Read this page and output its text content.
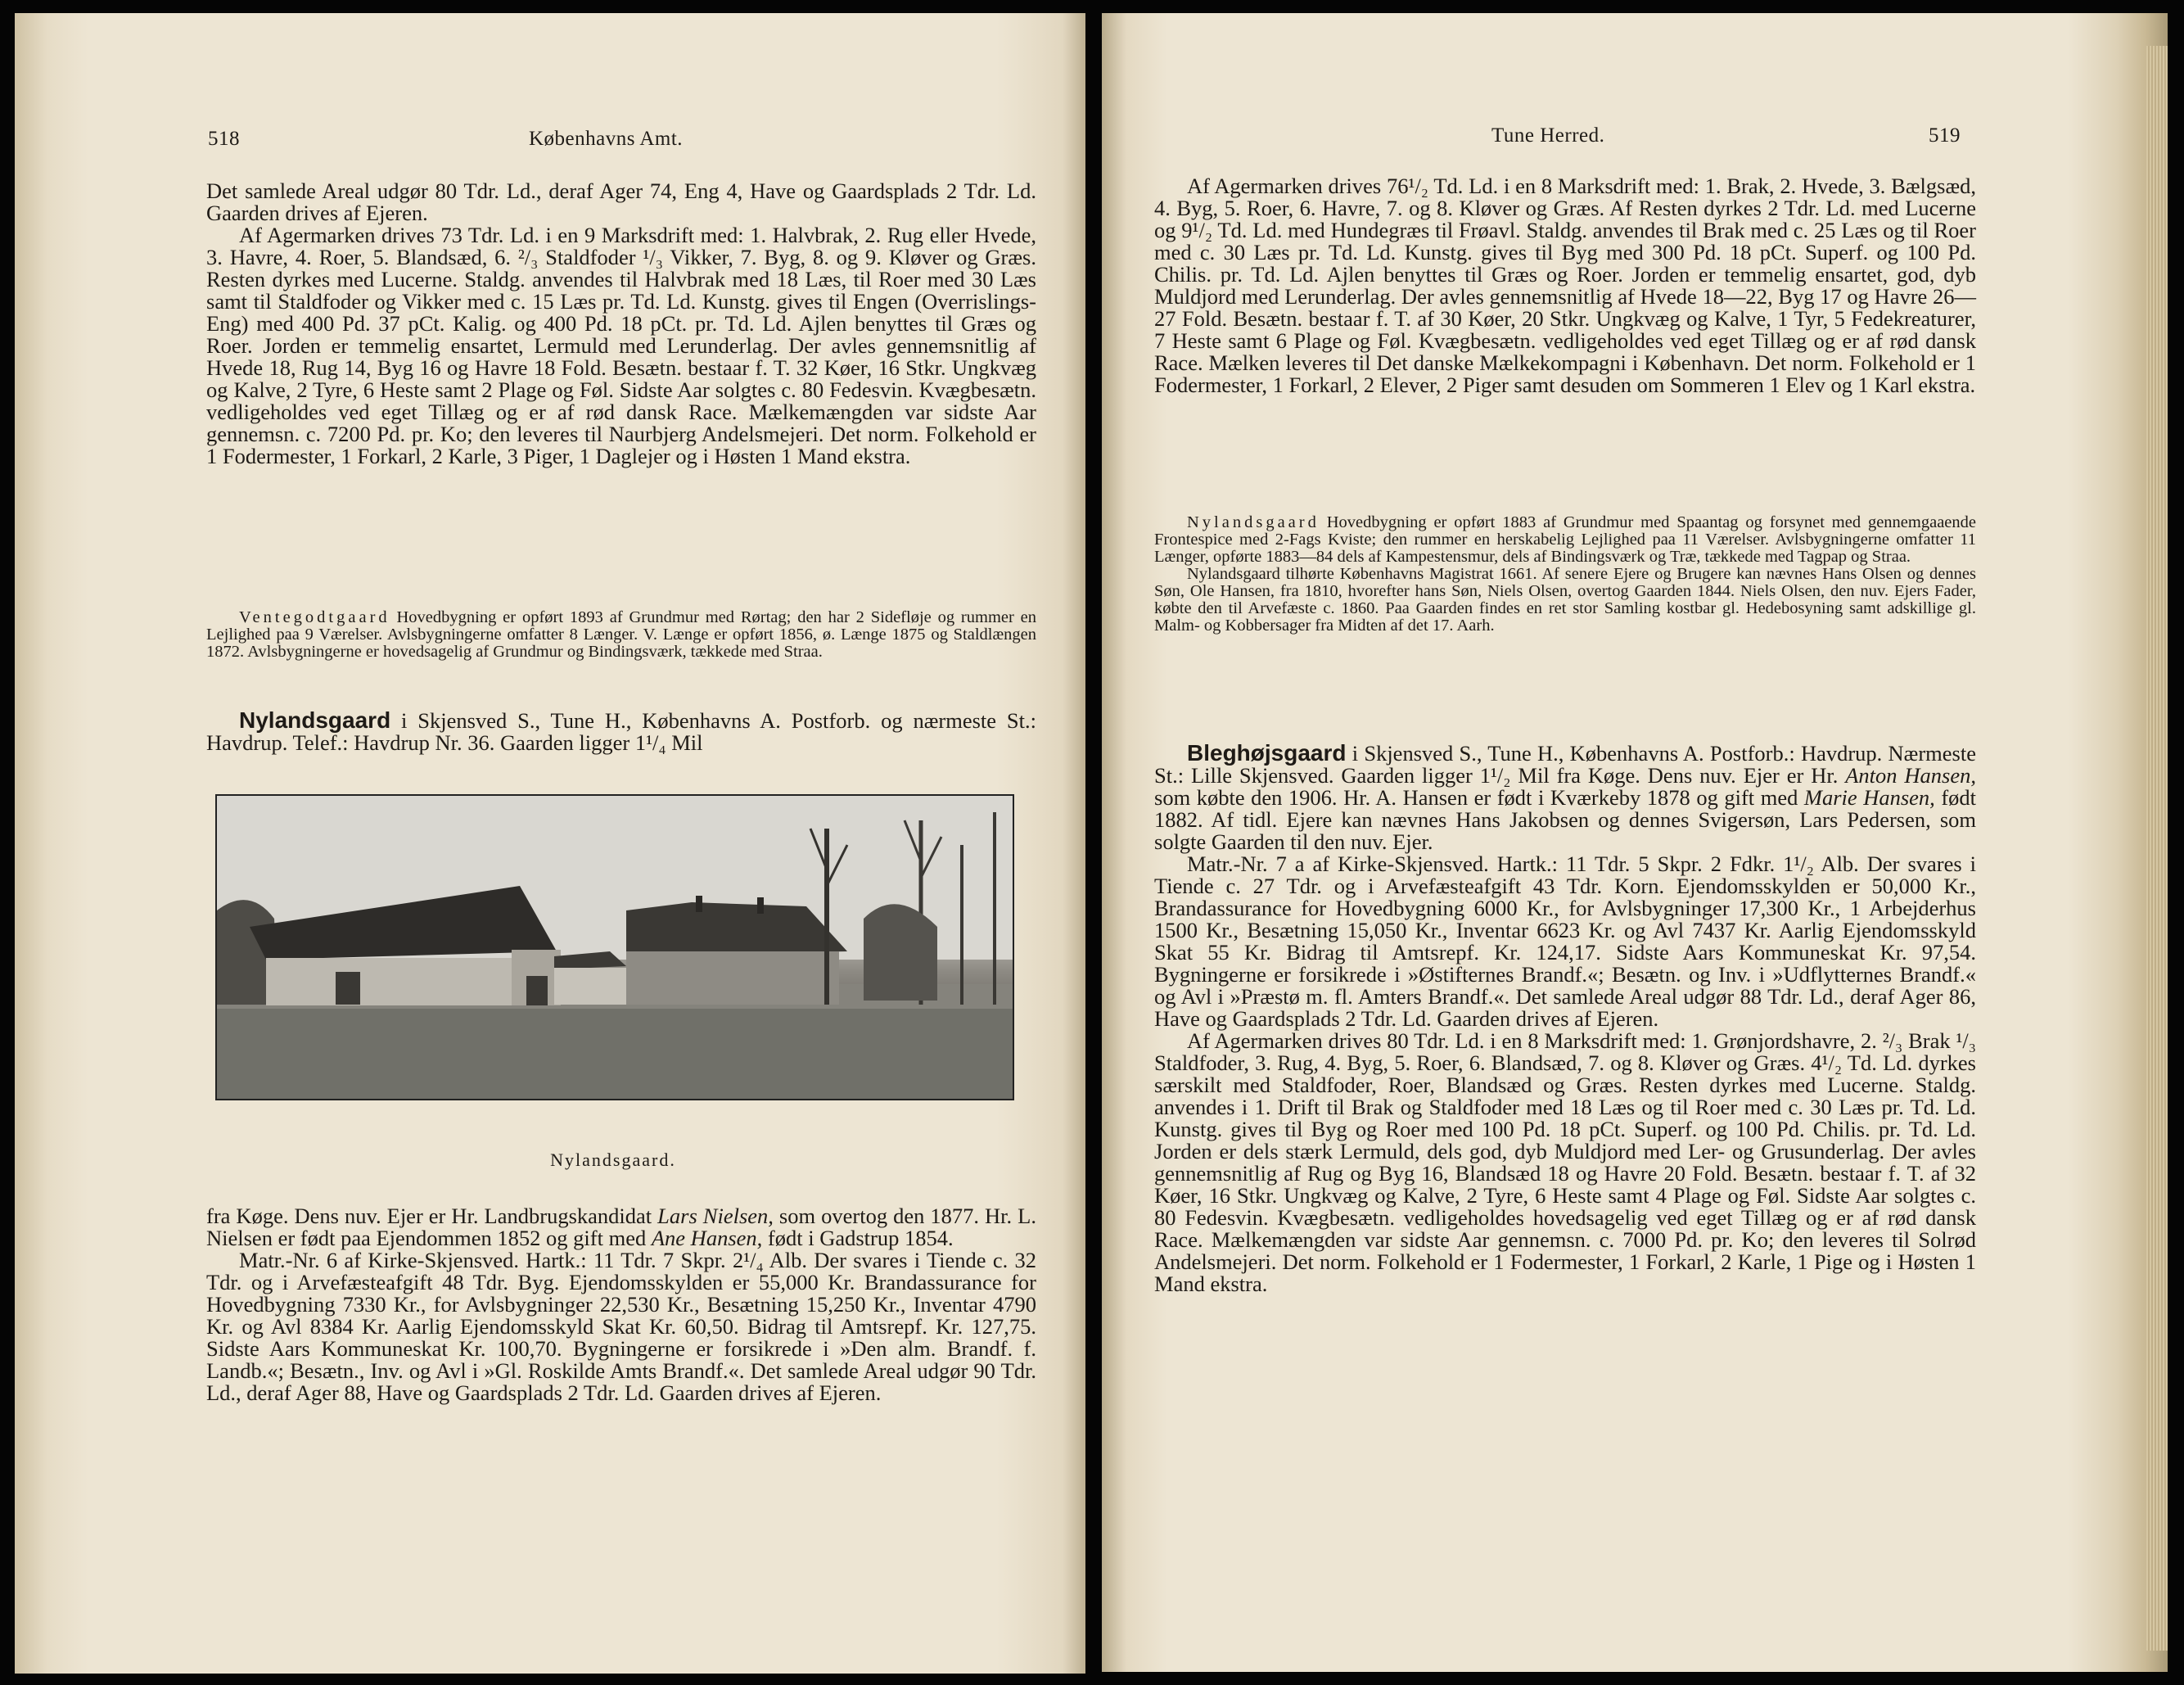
518	Københavns Amt.

Det samlede Areal udgør 80 Tdr. Ld., deraf Ager 74, Eng 4, Have og Gaardsplads 2 Tdr. Ld. Gaarden drives af Ejeren.

Af Agermarken drives 73 Tdr. Ld. i en 9 Marksdrift med: 1. Halvbrak, 2. Rug eller Hvede, 3. Havre, 4. Roer, 5. Blandsæd, 6. ²/₃ Staldfoder ¹/₃ Vikker, 7. Byg, 8. og 9. Kløver og Græs. Resten dyrkes med Lucerne. Staldg. anvendes til Halvbrak med 18 Læs, til Roer med 30 Læs samt til Staldfoder og Vikker med c. 15 Læs pr. Td. Ld. Kunstg. gives til Engen (Overrislings-Eng) med 400 Pd. 37 pCt. Kalig. og 400 Pd. 18 pCt. pr. Td. Ld. Ajlen benyttes til Græs og Roer. Jorden er temmelig ensartet, Lermuld med Lerunderlag. Der avles gennemsnitlig af Hvede 18, Rug 14, Byg 16 og Havre 18 Fold. Besætn. bestaar f. T. 32 Køer, 16 Stkr. Ungkvæg og Kalve, 2 Tyre, 6 Heste samt 2 Plage og Føl. Sidste Aar solgtes c. 80 Fedesvin. Kvægbesætn. vedligeholdes ved eget Tillæg og er af rød dansk Race. Mælkemængden var sidste Aar gennemsn. c. 7200 Pd. pr. Ko; den leveres til Naurbjerg Andelsmejeri. Det norm. Folkehold er 1 Fodermester, 1 Forkarl, 2 Karle, 3 Piger, 1 Daglejer og i Høsten 1 Mand ekstra.

Ventegodtgaard Hovedbygning er opført 1893 af Grundmur med Rørtag; den har 2 Sidefløje og rummer en Lejlighed paa 9 Værelser. Avlsbygningerne omfatter 8 Længer. V. Længe er opført 1856, ø. Længe 1875 og Staldlængen 1872. Avlsbygningerne er hovedsagelig af Grundmur og Bindingsværk, tækkede med Straa.

Nylandsgaard i Skjensved S., Tune H., Københavns A. Postforb. og nærmeste St.: Havdrup. Telef.: Havdrup Nr. 36. Gaarden ligger 1¹/₄ Mil

Nylandsgaard.

fra Køge. Dens nuv. Ejer er Hr. Landbrugskandidat Lars Nielsen, som overtog den 1877. Hr. L. Nielsen er født paa Ejendommen 1852 og gift med Ane Hansen, født i Gadstrup 1854.

Matr.-Nr. 6 af Kirke-Skjensved. Hartk.: 11 Tdr. 7 Skpr. 2¹/₄ Alb. Der svares i Tiende c. 32 Tdr. og i Arvefæsteafgift 48 Tdr. Byg. Ejendomsskylden er 55,000 Kr. Brandassurance for Hovedbygning 7330 Kr., for Avlsbygninger 22,530 Kr., Besætning 15,250 Kr., Inventar 4790 Kr. og Avl 8384 Kr. Aarlig Ejendomsskyld Skat Kr. 60,50. Bidrag til Amtsrepf. Kr. 127,75. Sidste Aars Kommuneskat Kr. 100,70. Bygningerne er forsikrede i »Den alm. Brandf. f. Landb.«; Besætn., Inv. og Avl i »Gl. Roskilde Amts Brandf.«. Det samlede Areal udgør 90 Tdr. Ld., deraf Ager 88, Have og Gaardsplads 2 Tdr. Ld. Gaarden drives af Ejeren.

Tune Herred.	519

Af Agermarken drives 76¹/₂ Td. Ld. i en 8 Marksdrift med: 1. Brak, 2. Hvede, 3. Bælgsæd, 4. Byg, 5. Roer, 6. Havre, 7. og 8. Kløver og Græs. Af Resten dyrkes 2 Tdr. Ld. med Lucerne og 9¹/₂ Td. Ld. med Hundegræs til Frøavl. Staldg. anvendes til Brak med c. 25 Læs og til Roer med c. 30 Læs pr. Td. Ld. Kunstg. gives til Byg med 300 Pd. 18 pCt. Superf. og 100 Pd. Chilis. pr. Td. Ld. Ajlen benyttes til Græs og Roer. Jorden er temmelig ensartet, god, dyb Muldjord med Lerunderlag. Der avles gennemsnitlig af Hvede 18—22, Byg 17 og Havre 26—27 Fold. Besætn. bestaar f. T. af 30 Køer, 20 Stkr. Ungkvæg og Kalve, 1 Tyr, 5 Fedekreaturer, 7 Heste samt 6 Plage og Føl. Kvægbesætn. vedligeholdes ved eget Tillæg og er af rød dansk Race. Mælken leveres til Det danske Mælkekompagni i København. Det norm. Folkehold er 1 Fodermester, 1 Forkarl, 2 Elever, 2 Piger samt desuden om Sommeren 1 Elev og 1 Karl ekstra.

Nylandsgaard Hovedbygning er opført 1883 af Grundmur med Spaantag og forsynet med gennemgaaende Frontespice med 2-Fags Kviste; den rummer en herskabelig Lejlighed paa 11 Værelser. Avlsbygningerne omfatter 11 Længer, opførte 1883—84 dels af Kampestensmur, dels af Bindingsværk og Træ, tækkede med Tagpap og Straa.

Nylandsgaard tilhørte Københavns Magistrat 1661. Af senere Ejere og Brugere kan nævnes Hans Olsen og dennes Søn, Ole Hansen, fra 1810, hvorefter hans Søn, Niels Olsen, overtog Gaarden 1844. Niels Olsen, den nuv. Ejers Fader, købte den til Arvefæste c. 1860. Paa Gaarden findes en ret stor Samling kostbar gl. Hedebosyning samt adskillige gl. Malm- og Kobbersager fra Midten af det 17. Aarh.

Bleghøjsgaard i Skjensved S., Tune H., Københavns A. Postforb.: Havdrup. Nærmeste St.: Lille Skjensved. Gaarden ligger 1¹/₂ Mil fra Køge. Dens nuv. Ejer er Hr. Anton Hansen, som købte den 1906. Hr. A. Hansen er født i Kværkeby 1878 og gift med Marie Hansen, født 1882. Af tidl. Ejere kan nævnes Hans Jakobsen og dennes Svigersøn, Lars Pedersen, som solgte Gaarden til den nuv. Ejer.

Matr.-Nr. 7 a af Kirke-Skjensved. Hartk.: 11 Tdr. 5 Skpr. 2 Fdkr. 1¹/₂ Alb. Der svares i Tiende c. 27 Tdr. og i Arvefæsteafgift 43 Tdr. Korn. Ejendomsskylden er 50,000 Kr., Brandassurance for Hovedbygning 6000 Kr., for Avlsbygninger 17,300 Kr., 1 Arbejderhus 1500 Kr., Besætning 15,050 Kr., Inventar 6623 Kr. og Avl 7437 Kr. Aarlig Ejendomsskyld Skat 55 Kr. Bidrag til Amtsrepf. Kr. 124,17. Sidste Aars Kommuneskat Kr. 97,54. Bygningerne er forsikrede i »Østifternes Brandf.«; Besætn. og Inv. i »Udflytternes Brandf.« og Avl i »Præstø m. fl. Amters Brandf.«. Det samlede Areal udgør 88 Tdr. Ld., deraf Ager 86, Have og Gaardsplads 2 Tdr. Ld. Gaarden drives af Ejeren.

Af Agermarken drives 80 Tdr. Ld. i en 8 Marksdrift med: 1. Grønjordshavre, 2. ²/₃ Brak ¹/₃ Staldfoder, 3. Rug, 4. Byg, 5. Roer, 6. Blandsæd, 7. og 8. Kløver og Græs. 4¹/₂ Td. Ld. dyrkes særskilt med Staldfoder, Roer, Blandsæd og Græs. Resten dyrkes med Lucerne. Staldg. anvendes i 1. Drift til Brak og Staldfoder med 18 Læs og til Roer med c. 30 Læs pr. Td. Ld. Kunstg. gives til Byg og Roer med 100 Pd. 18 pCt. Superf. og 100 Pd. Chilis. pr. Td. Ld. Jorden er dels stærk Lermuld, dels god, dyb Muldjord med Ler- og Grusunderlag. Der avles gennemsnitlig af Rug og Byg 16, Blandsæd 18 og Havre 20 Fold. Besætn. bestaar f. T. af 32 Køer, 16 Stkr. Ungkvæg og Kalve, 2 Tyre, 6 Heste samt 4 Plage og Føl. Sidste Aar solgtes c. 80 Fedesvin. Kvægbesætn. vedligeholdes hovedsagelig ved eget Tillæg og er af rød dansk Race. Mælkemængden var sidste Aar gennemsn. c. 7000 Pd. pr. Ko; den leveres til Solrød Andelsmejeri. Det norm. Folkehold er 1 Fodermester, 1 Forkarl, 2 Karle, 1 Pige og i Høsten 1 Mand ekstra.
